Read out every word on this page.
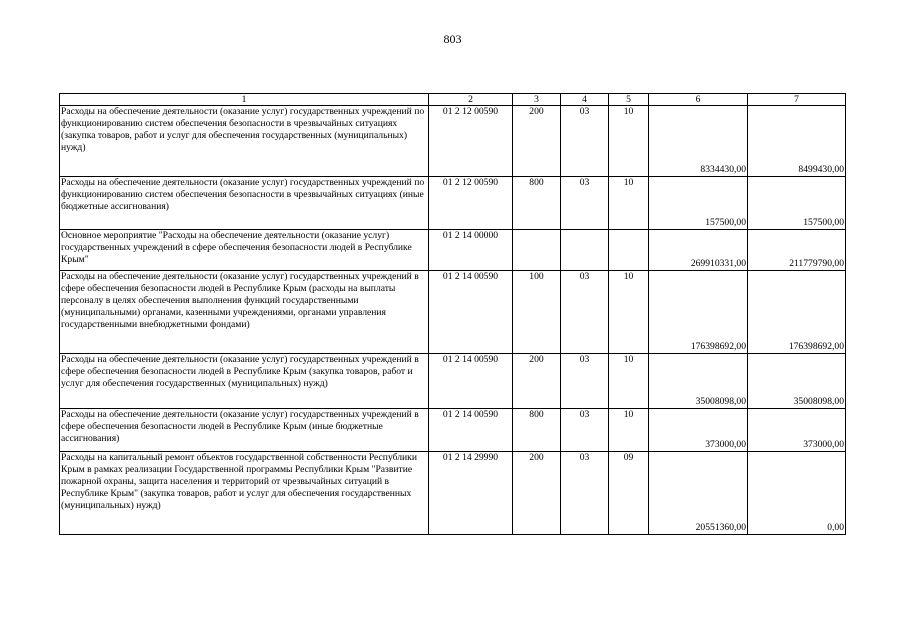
803
1	2	3	4	5	6	7
Расходы на обеспечение деятельности (оказание услуг) государственных учреждений по функционированию систем обеспечения безопасности в чрезвычайных ситуациях (закупка товаров, работ и услуг для обеспечения государственных (муниципальных) нужд)	01 2 12 00590	200	03	10	8334430,00	8499430,00
Расходы на обеспечение деятельности (оказание услуг) государственных учреждений по функционированию систем обеспечения безопасности в чрезвычайных ситуациях (иные бюджетные ассигнования)	01 2 12 00590	800	03	10	157500,00	157500,00
Основное мероприятие "Расходы на обеспечение деятельности (оказание услуг) государственных учреждений в сфере обеспечения безопасности людей в Республике Крым"	01 2 14 00000				269910331,00	211779790,00
Расходы на обеспечение деятельности (оказание услуг) государственных учреждений в сфере обеспечения безопасности людей в Республике Крым (расходы на выплаты персоналу в целях обеспечения выполнения функций государственными (муниципальными) органами, казенными учреждениями, органами управления государственными внебюджетными фондами)	01 2 14 00590	100	03	10	176398692,00	176398692,00
Расходы на обеспечение деятельности (оказание услуг) государственных учреждений в сфере обеспечения безопасности людей в Республике Крым (закупка товаров, работ и услуг для обеспечения государственных (муниципальных) нужд)	01 2 14 00590	200	03	10	35008098,00	35008098,00
Расходы на обеспечение деятельности (оказание услуг) государственных учреждений в сфере обеспечения безопасности людей в Республике Крым (иные бюджетные ассигнования)	01 2 14 00590	800	03	10	373000,00	373000,00
Расходы на капитальный ремонт объектов государственной собственности Республики Крым в рамках реализации Государственной программы Республики Крым "Развитие пожарной охраны, защита населения и территорий от чрезвычайных ситуаций в Республике Крым" (закупка товаров, работ и услуг для обеспечения государственных (муниципальных) нужд)	01 2 14 29990	200	03	09	20551360,00	0,00
